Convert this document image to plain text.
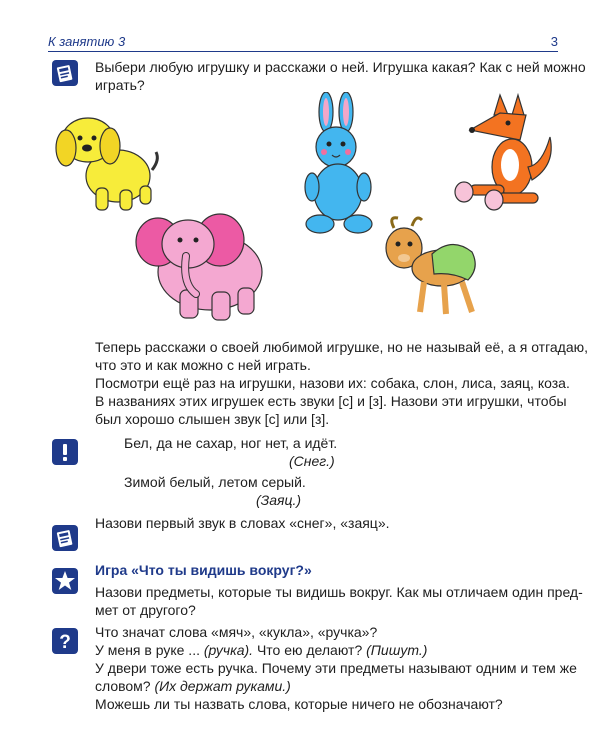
К занятию 3	3
Выбери любую игрушку и расскажи о ней. Игрушка какая? Как с ней можно
играть?
Теперь расскажи о своей любимой игрушке, но не называй её, а я отгадаю,
что это и как можно с ней играть.
Посмотри ещё раз на игрушки, назови их: собака, слон, лиса, заяц, коза.
В названиях этих игрушек есть звуки [с] и [з]. Назови эти игрушки, чтобы
был хорошо слышен звук [с] или [з].
Бел, да не сахар, ног нет, а идёт.
(Снег.)
Зимой белый, летом серый.
(Заяц.)
Назови первый звук в словах «снег», «заяц».
Игра «Что ты видишь вокруг?»
Назови предметы, которые ты видишь вокруг. Как мы отличаем один пред-
мет от другого?
? Что значат слова «мяч», «кукла», «ручка»?
У меня в руке ... (ручка). Что ею делают? (Пишут.)
У двери тоже есть ручка. Почему эти предметы называют одним и тем же
словом? (Их держат руками.)
Можешь ли ты назвать слова, которые ничего не обозначают?
